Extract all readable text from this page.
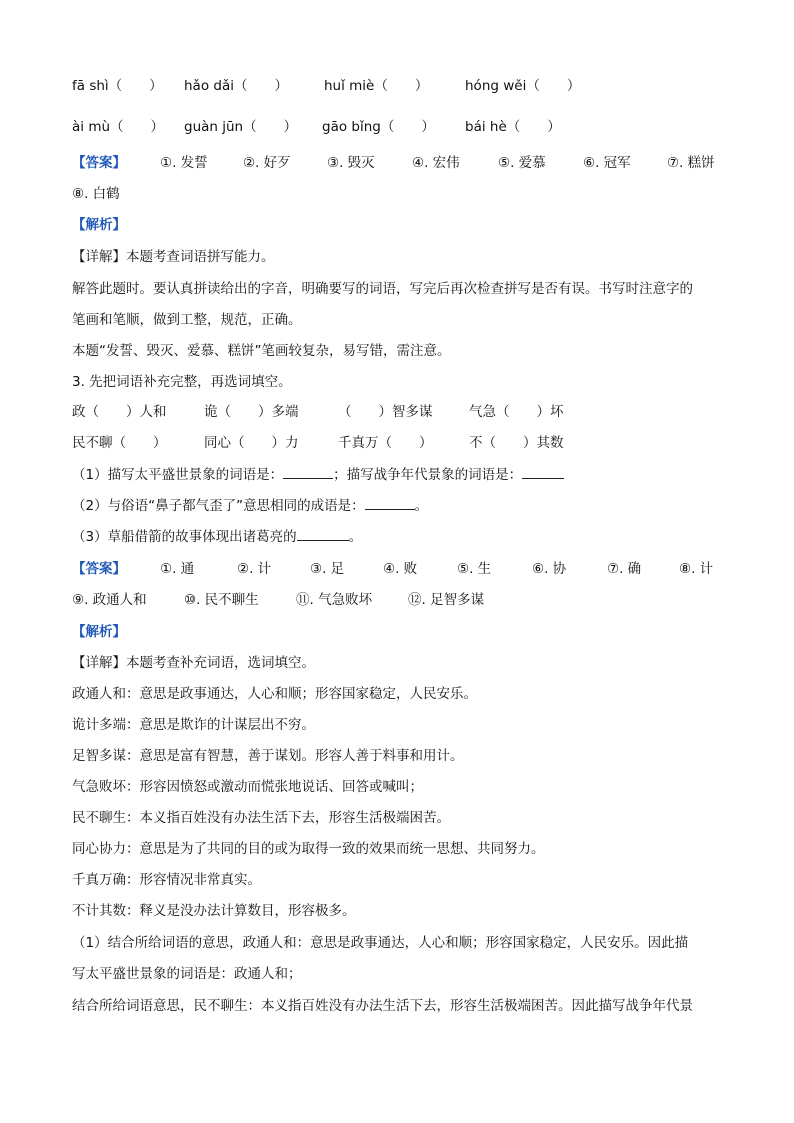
fā shì（　　） hǎo dǎi（　　）	huǐ miè（　　）	hóng wěi（　　）
ài mù（　　） guàn jūn（　　） gāo bǐng（　　） bái hè（　　）
【答案】	①. 发誓	②. 好歹	③. 毁灭	④. 宏伟	⑤. 爱慕	⑥. 冠军	⑦. 糕饼
⑧. 白鹤
【解析】
【详解】本题考查词语拼写能力。
解答此题时。要认真拼读给出的字音，明确要写的词语，写完后再次检查拼写是否有误。书写时注意字的
笔画和笔顺，做到工整，规范，正确。
本题“发誓、毁灭、爱慕、糕饼”笔画较复杂，易写错，需注意。
3. 先把词语补充完整，再选词填空。
政（　　）人和	诡（　　）多端	（　　）智多谋	气急（　　）坏
民不聊（　　）	同心（　　）力	千真万（　　）	不（　　）其数
（1）描写太平盛世景象的词语是：	；描写战争年代景象的词语是：
（2）与俗语“鼻子都气歪了”意思相同的成语是：	。
（3）草船借箭的故事体现出诸葛亮的	。
【答案】	①. 通	②. 计	③. 足	④. 败	⑤. 生	⑥. 协	⑦. 确	⑧. 计
⑨. 政通人和	⑩. 民不聊生	⑪. 气急败坏	⑫. 足智多谋
【解析】
【详解】本题考查补充词语，选词填空。
政通人和：意思是政事通达，人心和顺；形容国家稳定，人民安乐。
诡计多端：意思是欺诈的计谋层出不穷。
足智多谋：意思是富有智慧，善于谋划。形容人善于料事和用计。
气急败坏：形容因愤怒或激动而慌张地说话、回答或喊叫；
民不聊生：本义指百姓没有办法生活下去，形容生活极端困苦。
同心协力：意思是为了共同的目的或为取得一致的效果而统一思想、共同努力。
千真万确：形容情况非常真实。
不计其数：释义是没办法计算数目，形容极多。
（1）结合所给词语的意思，政通人和：意思是政事通达，人心和顺；形容国家稳定，人民安乐。因此描
写太平盛世景象的词语是：政通人和；
结合所给词语意思，民不聊生：本义指百姓没有办法生活下去，形容生活极端困苦。因此描写战争年代景
